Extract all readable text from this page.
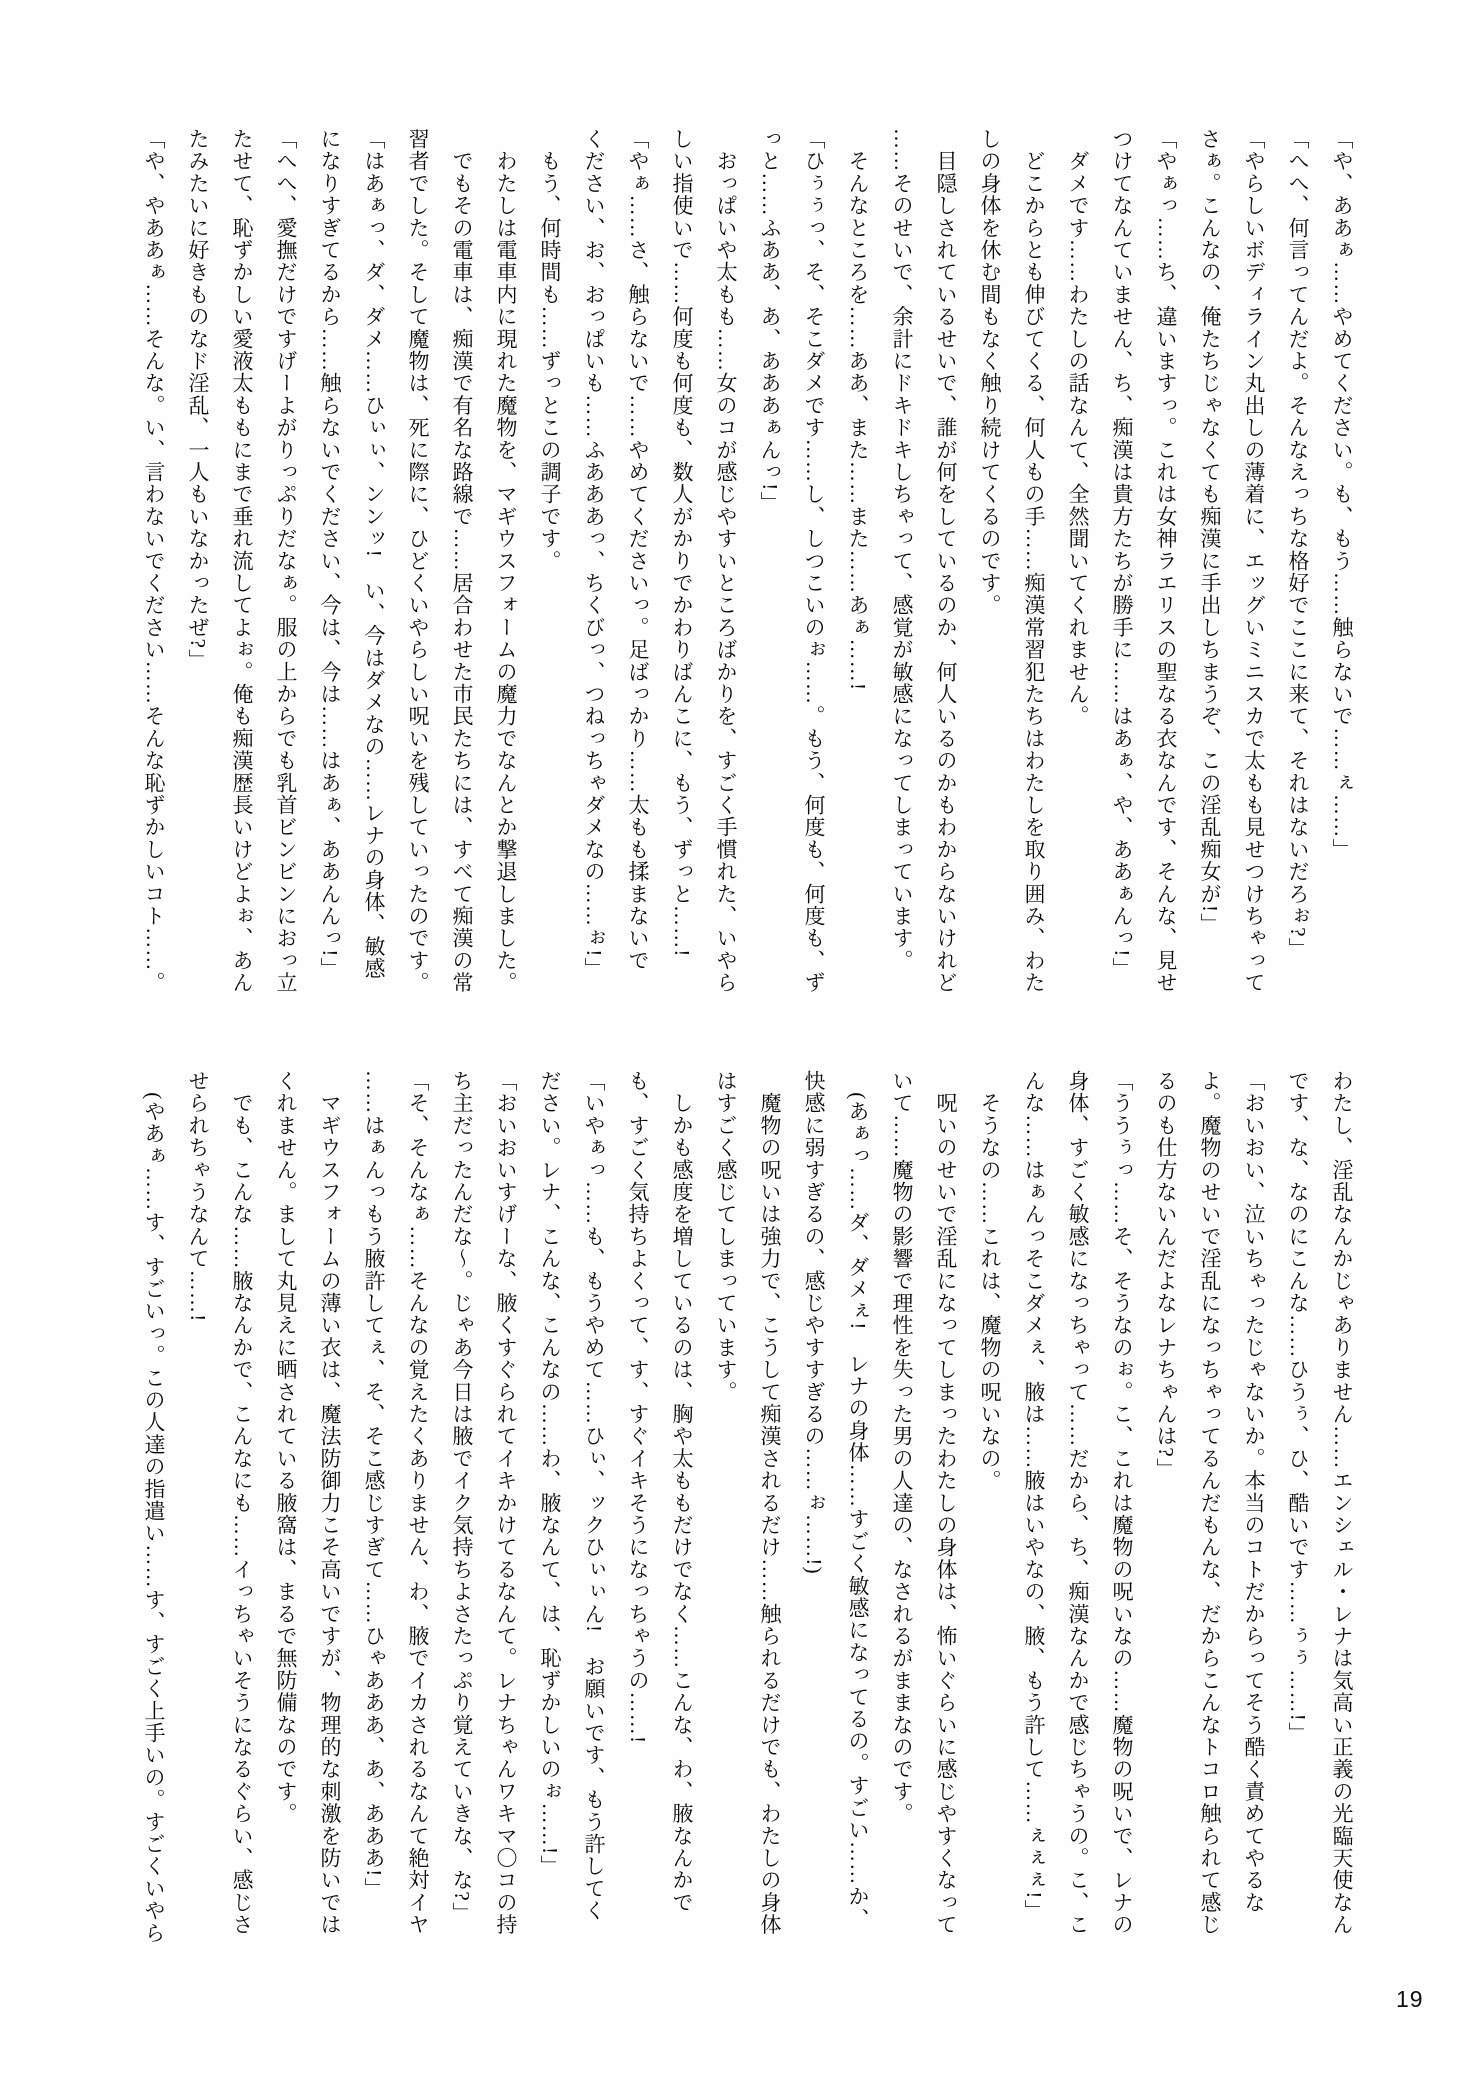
「や、ああぁ……やめてください。も、もう……触らないで……ぇ……」

「へへ、何言ってんだよ。そんなえっちな格好でここに来て、それはないだろぉ?」

「やらしいボディライン丸出しの薄着に、エッグいミニスカで太もも見せつけちゃって

さぁ。こんなの、俺たちじゃなくても痴漢に手出しちまうぞ、この淫乱痴女が!」

「やぁっ……ち、違いますっ。これは女神ラエリスの聖なる衣なんです、そんな、見せ

つけてなんていません、ち、痴漢は貴方たちが勝手に……はあぁ、や、ああぁんっ!」

　ダメです……わたしの話なんて、全然聞いてくれません。

　どこからとも伸びてくる、何人もの手……痴漢常習犯たちはわたしを取り囲み、わた

しの身体を休む間もなく触り続けてくるのです。

　目隠しされているせいで、誰が何をしているのか、何人いるのかもわからないけれど

……そのせいで、余計にドキドキしちゃって、感覚が敏感になってしまっています。

　そんなところを……ああ、また……また……あぁ……!

「ひぅぅっ、そ、そこダメです……し、しつこいのぉ……。もう、何度も、何度も、ず

っと……ふああ、あ、あああぁんっ!」

　おっぱいや太もも……女のコが感じやすいところばかりを、すごく手慣れた、いやら

しい指使いで……何度も何度も、数人がかりでかわりばんこに、もう、ずっと……!

「やぁ……さ、触らないで……やめてくださいっ。足ばっかり……太もも揉まないで

ください、お、おっぱいも……ふあああっ、ちくびっ、つねっちゃダメなの……ぉ!」

　もう、何時間も……ずっとこの調子です。

　わたしは電車内に現れた魔物を、マギウスフォームの魔力でなんとか撃退しました。

　でもその電車は、痴漢で有名な路線で……居合わせた市民たちには、すべて痴漢の常

習者でした。そして魔物は、死に際に、ひどくいやらしい呪いを残していったのです。

「はあぁっ、ダ、ダメ……ひぃぃ、ンンッ!　い、今はダメなの……レナの身体、敏感

になりすぎてるから……触らないでください、今は、今は……はあぁ、ああんんっ!」

「へへ、愛撫だけですげーよがりっぷりだなぁ。服の上からでも乳首ビンビンにおっ立

たせて、恥ずかしい愛液太ももにまで垂れ流してよぉ。俺も痴漢歴長いけどよぉ、あん

たみたいに好きものなド淫乱、一人もいなかったぜ?」

「や、やああぁ……そんな。い、言わないでください……そんな恥ずかしいコト……。

わたし、淫乱なんかじゃありません……エンシェル・レナは気高い正義の光臨天使なん

です、な、なのにこんな……ひうぅ、ひ、酷いです……ぅぅ……!」

「おいおい、泣いちゃったじゃないか。本当のコトだからってそう酷く責めてやるな

よ。魔物のせいで淫乱になっちゃってるんだもんな、だからこんなトコロ触られて感じ

るのも仕方ないんだよなレナちゃんは?」

「ううぅっ……そ、そうなのぉ。こ、これは魔物の呪いなの……魔物の呪いで、レナの

身体、すごく敏感になっちゃって……だから、ち、痴漢なんかで感じちゃうの。こ、こ

んな……はぁんっそこダメぇ、腋は……腋はいやなの、腋、もう許して……ぇぇぇ!」

　そうなの……これは、魔物の呪いなの。

　呪いのせいで淫乱になってしまったわたしの身体は、怖いぐらいに感じやすくなって

いて……魔物の影響で理性を失った男の人達の、なされるがままなのです。

　(あぁっ……ダ、ダメぇ!　レナの身体……すごく敏感になってるの。すごい……か、

快感に弱すぎるの、感じやすすぎるの……ぉ……!)

　魔物の呪いは強力で、こうして痴漢されるだけ……触られるだけでも、わたしの身体

はすごく感じてしまっています。

　しかも感度を増しているのは、胸や太ももだけでなく……こんな、わ、腋なんかで

も、すごく気持ちよくって、す、すぐイキそうになっちゃうの……!

「いやぁっ……も、もうやめて……ひぃ、ックひぃぃん!　お願いです、もう許してく

ださい。レナ、こんな、こんなの……わ、腋なんて、は、恥ずかしいのぉ……!」

「おいおいすげーな、腋くすぐられてイキかけてるなんて。レナちゃんワキマ〇コの持

ち主だったんだな〜。じゃあ今日は腋でイク気持ちよさたっぷり覚えていきな、な?」

「そ、そんなぁ……そんなの覚えたくありません、わ、腋でイカされるなんて絶対イヤ

……はぁんっもう腋許してぇ、そ、そこ感じすぎて……ひゃあああ、あ、あああ!」

　マギウスフォームの薄い衣は、魔法防御力こそ高いですが、物理的な刺激を防いでは

くれません。まして丸見えに晒されている腋窩は、まるで無防備なのです。

　でも、こんな……腋なんかで、こんなにも……イっちゃいそうになるぐらい、感じさ

せられちゃうなんて……!

　(やあぁ……す、すごいっ。この人達の指遣い……す、すごく上手いの。すごくいやら

19
